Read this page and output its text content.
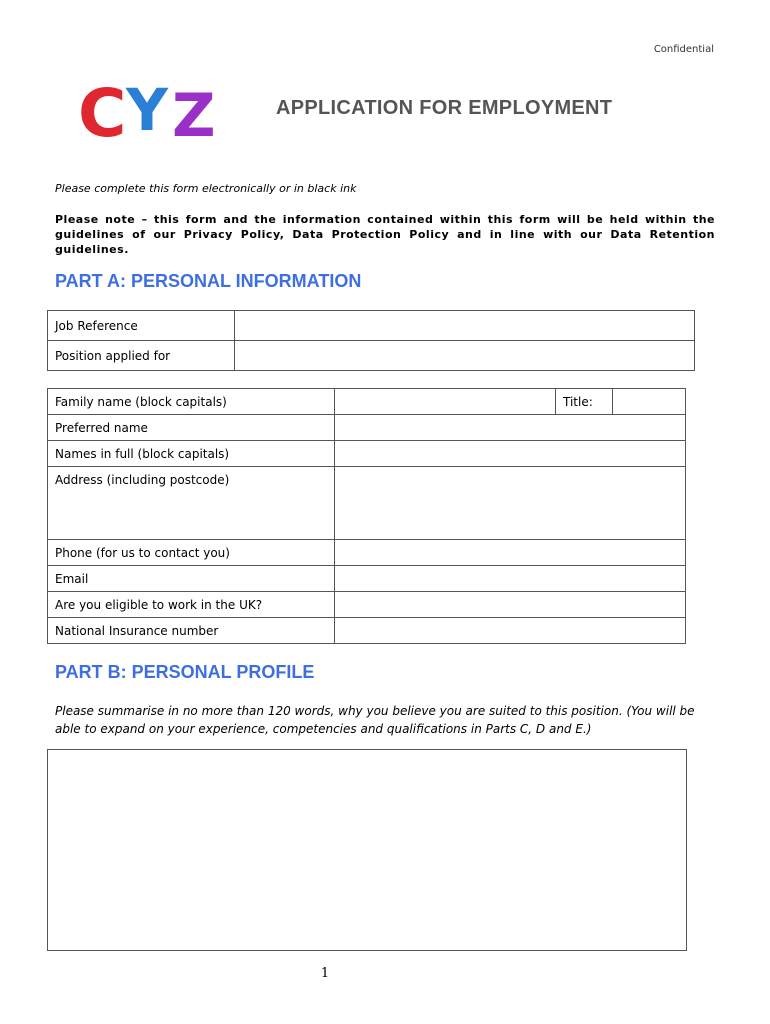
Confidential
C Y Z	APPLICATION FOR EMPLOYMENT
Please complete this form electronically or in black ink
Please note – this form and the information contained within this form will be held within the guidelines of our Privacy Policy, Data Protection Policy and in line with our Data Retention guidelines.
PART A: PERSONAL INFORMATION
Job Reference	
Position applied for	
Family name (block capitals)		Title:	
Preferred name			
Names in full (block capitals)			
Address (including postcode)			
Phone (for us to contact you)			
Email			
Are you eligible to work in the UK?			
National Insurance number			
PART B: PERSONAL PROFILE
Please summarise in no more than 120 words, why you believe you are suited to this position. (You will be able to expand on your experience, competencies and qualifications in Parts C, D and E.)
1
